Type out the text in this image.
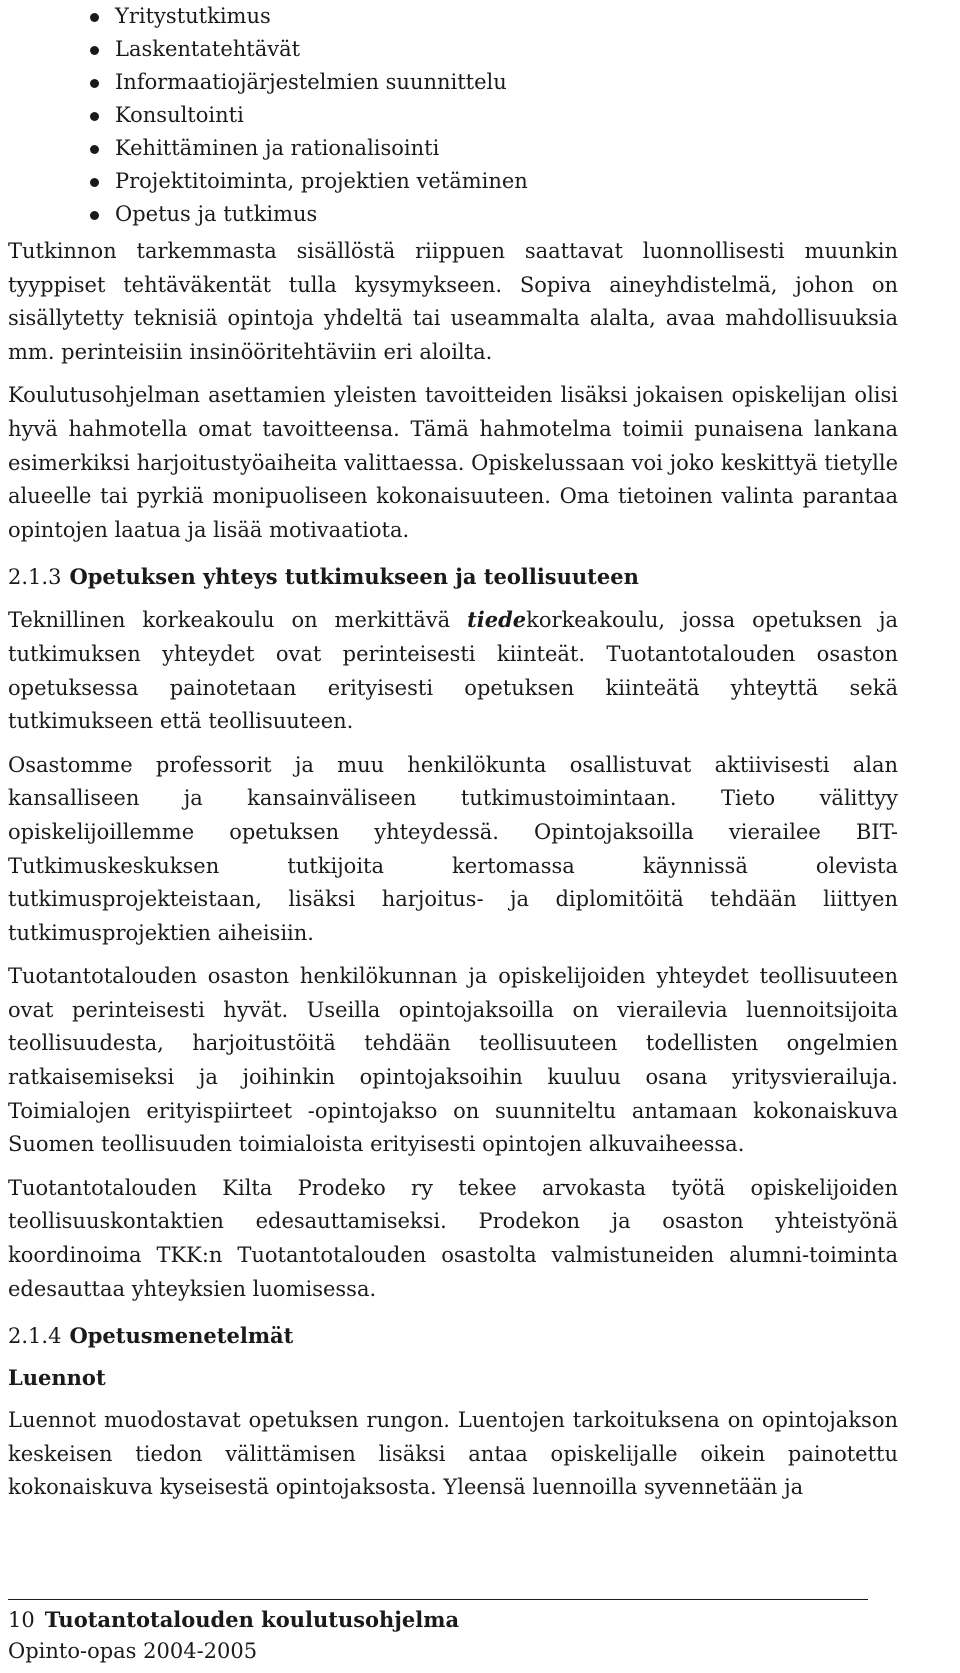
Yritystutkimus
Laskentatehtävät
Informaatiojärjestelmien suunnittelu
Konsultointi
Kehittäminen ja rationalisointi
Projektitoiminta, projektien vetäminen
Opetus ja tutkimus

Tutkinnon tarkemmasta sisällöstä riippuen saattavat luonnollisesti muunkin tyyppiset tehtäväkentät tulla kysymykseen. Sopiva aineyhdistelmä, johon on sisällytetty teknisiä opintoja yhdeltä tai useammalta alalta, avaa mahdollisuuksia mm. perinteisiin insinööritehtäviin eri aloilta.

Koulutusohjelman asettamien yleisten tavoitteiden lisäksi jokaisen opiskelijan olisi hyvä hahmotella omat tavoitteensa. Tämä hahmotelma toimii punaisena lankana esimerkiksi harjoitustyöaiheita valittaessa. Opiskelussaan voi joko keskittyä tietylle alueelle tai pyrkiä monipuoliseen kokonaisuuteen. Oma tietoinen valinta parantaa opintojen laatua ja lisää motivaatiota.

2.1.3 Opetuksen yhteys tutkimukseen ja teollisuuteen

Teknillinen korkeakoulu on merkittävä tiedekorkeakoulu, jossa opetuksen ja tutkimuksen yhteydet ovat perinteisesti kiinteät. Tuotantotalouden osaston opetuksessa painotetaan erityisesti opetuksen kiinteätä yhteyttä sekä tutkimukseen että teollisuuteen.

Osastomme professorit ja muu henkilökunta osallistuvat aktiivisesti alan kansalliseen ja kansainväliseen tutkimustoimintaan. Tieto välittyy opiskelijoillemme opetuksen yhteydessä. Opintojaksoilla vierailee BIT-Tutkimuskeskuksen tutkijoita kertomassa käynnissä olevista tutkimusprojekteistaan, lisäksi harjoitus- ja diplomitöitä tehdään liittyen tutkimusprojektien aiheisiin.

Tuotantotalouden osaston henkilökunnan ja opiskelijoiden yhteydet teollisuuteen ovat perinteisesti hyvät. Useilla opintojaksoilla on vierailevia luennoitsijoita teollisuudesta, harjoitustöitä tehdään teollisuuteen todellisten ongelmien ratkaisemiseksi ja joihinkin opintojaksoihin kuuluu osana yritysvierailuja. Toimialojen erityispiirteet -opintojakso on suunniteltu antamaan kokonaiskuva Suomen teollisuuden toimialoista erityisesti opintojen alkuvaiheessa.

Tuotantotalouden Kilta Prodeko ry tekee arvokasta työtä opiskelijoiden teollisuuskontaktien edesauttamiseksi. Prodekon ja osaston yhteistyönä koordinoima TKK:n Tuotantotalouden osastolta valmistuneiden alumni-toiminta edesauttaa yhteyksien luomisessa.

2.1.4 Opetusmenetelmät
Luennot

Luennot muodostavat opetuksen rungon. Luentojen tarkoituksena on opintojakson keskeisen tiedon välittämisen lisäksi antaa opiskelijalle oikein painotettu kokonaiskuva kyseisestä opintojaksosta. Yleensä luennoilla syvennetään ja

10 Tuotantotalouden koulutusohjelma
Opinto-opas 2004-2005
